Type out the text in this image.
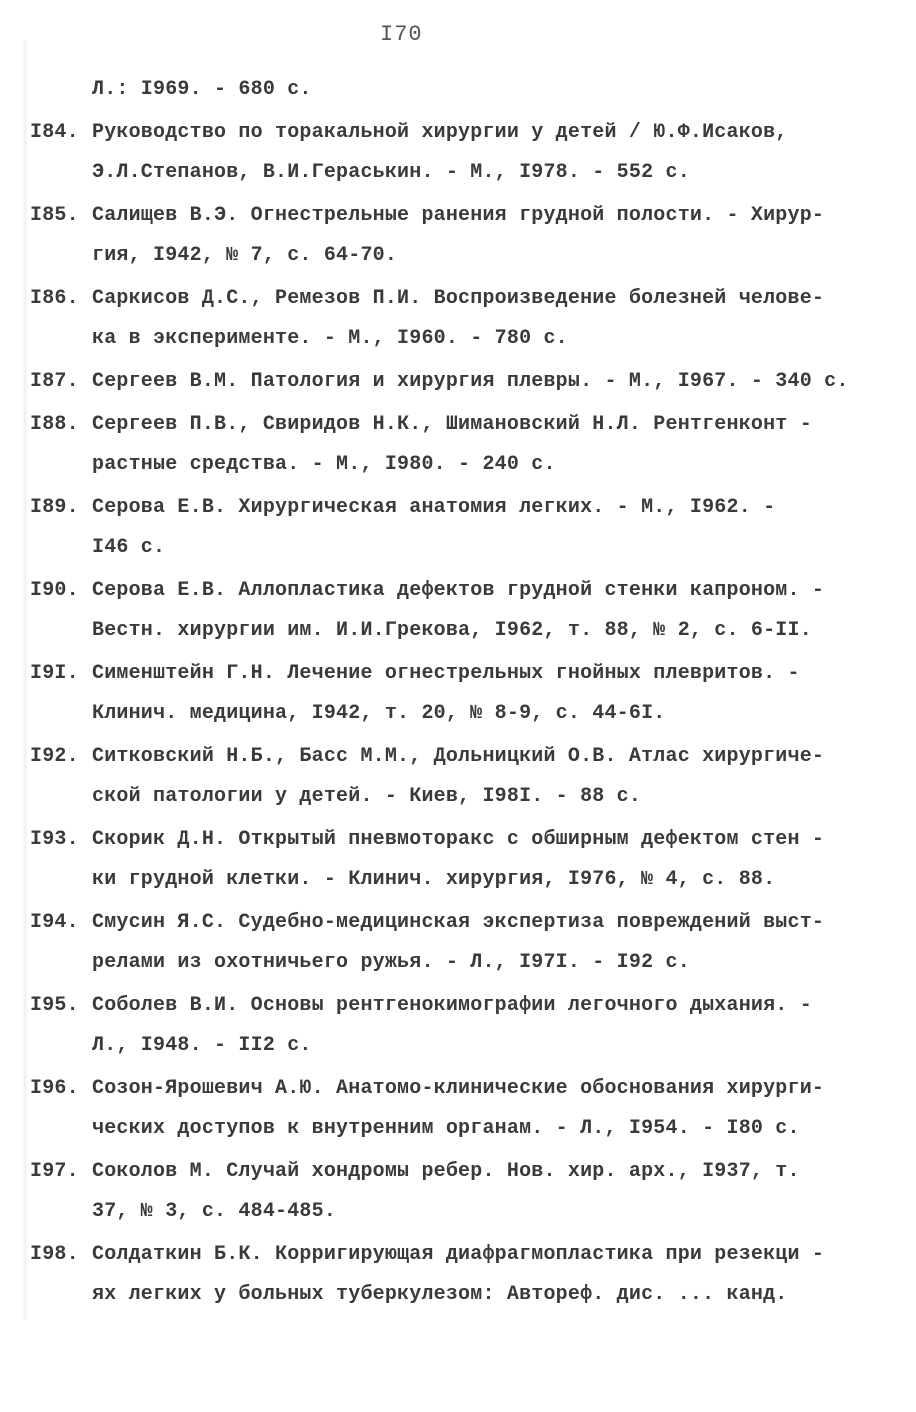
I70
Л.: I969. - 680 с.
I84. Руководство по торакальной хирургии у детей / Ю.Ф.Исаков,
Э.Л.Степанов, В.И.Гераськин. - М., I978. - 552 с.
I85. Салищев В.Э. Огнестрельные ранения грудной полости. - Хирур-
гия, I942, № 7, с. 64-70.
I86. Саркисов Д.С., Ремезов П.И. Воспроизведение болезней челове-
ка в эксперименте. - М., I960. - 780 с.
I87. Сергеев В.М. Патология и хирургия плевры. - М., I967. - 340 с.
I88. Сергеев П.В., Свиридов Н.К., Шимановский Н.Л. Рентгенконт -
растные средства. - М., I980. - 240 с.
I89. Серова Е.В. Хирургическая анатомия легких. - М., I962. -
I46 с.
I90. Серова Е.В. Аллопластика дефектов грудной стенки капроном. -
Вестн. хирургии им. И.И.Грекова, I962, т. 88, № 2, с. 6-II.
I9I. Сименштейн Г.Н. Лечение огнестрельных гнойных плевритов. -
Клинич. медицина, I942, т. 20, № 8-9, с. 44-6I.
I92. Ситковский Н.Б., Басс М.М., Дольницкий О.В. Атлас хирургиче-
ской патологии у детей. - Киев, I98I. - 88 с.
I93. Скорик Д.Н. Открытый пневмоторакс с обширным дефектом стен -
ки грудной клетки. - Клинич. хирургия, I976, № 4, с. 88.
I94. Смусин Я.С. Судебно-медицинская экспертиза повреждений выст-
релами из охотничьего ружья. - Л., I97I. - I92 с.
I95. Соболев В.И. Основы рентгенокимографии легочного дыхания. -
Л., I948. - II2 с.
I96. Созон-Ярошевич А.Ю. Анатомо-клинические обоснования хирурги-
ческих доступов к внутренним органам. - Л., I954. - I80 с.
I97. Соколов М. Случай хондромы ребер. Нов. хир. арх., I937, т.
37, № 3, с. 484-485.
I98. Солдаткин Б.К. Корригирующая диафрагмопластика при резекци -
ях легких у больных туберкулезом: Автореф. дис. ... канд.
